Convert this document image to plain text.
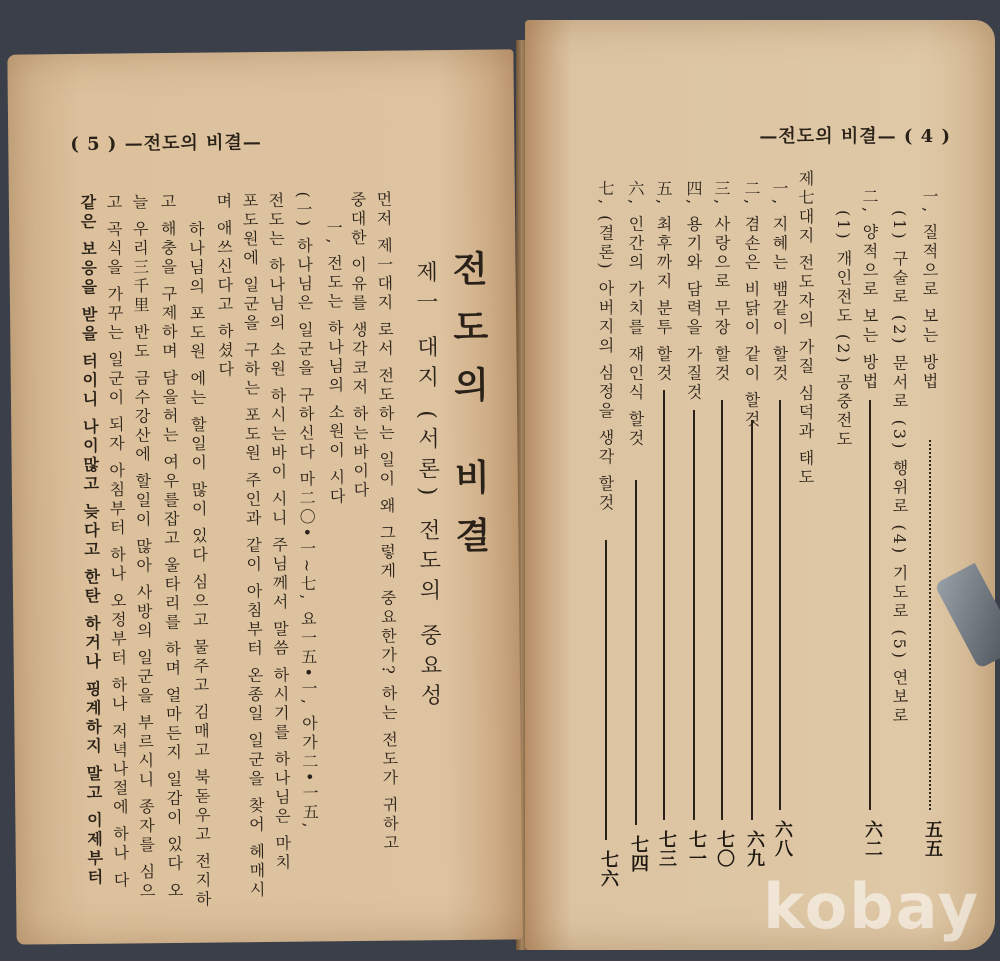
( 5 ) —전도의 비결—
전도의 비결
제一 대지 (서론) 전도의 중요성
먼저 제一대지 로서 전도하는 일이 왜 그렇게 중요한가? 하는 전도가 귀하고
중대한 이유를 생각코저 하는바이다
一, 전도는 하나님의 소원이 시다
(一) 하나님은 일군을 구하신다 마二〇•一~七, 요一五•一, 아가二•一五,
전도는 하나님의 소원 하시는바이 시니 주님께서 말씀 하시기를 하나님은 마치
포도원에 일군을 구하는 포도원 주인과 같이 아침부터 온종일 일군을 찾어 헤매시
며 애쓰신다고 하셨다
하나님의 포도원 에는 할일이 많이 있다 심으고 물주고 김매고 북돋우고 전지하
고 해충을 구제하며 담을허는 여우를잡고 울타리를 하며 얼마든지 일감이 있다 오
늘 우리三千里 반도 금수강산에 할일이 많아 사방의 일군을 부르시니 종자를 심으
고 곡식을 가꾸는 일군이 되자 아침부터 하나 오정부터 하나 저녁나절에 하나 다
같은 보응을 받을 터이니 나이많고 늦다고 한탄 하거나 핑계하지 말고 이제부터
—전도의 비결— ( 4 )
一, 질적으로 보는 방법
五五
(1) 구술로 (2) 문서로 (3) 행위로 (4) 기도로 (5) 연보로
二, 양적으로 보는 방법
六二
(1) 개인전도 (2) 공중전도
제七대지 전도자의 가질 심덕과 태도
一, 지혜는 뱀같이 할것
六八
二, 겸손은 비닭이 같이 할것
六九
三, 사랑으로 무장 할것
七〇
四, 용기와 담력을 가질것
七一
五, 최후까지 분투 할것
七三
六, 인간의 가치를 재인식 할것
七四
七, (결론) 아버지의 심정을 생각 할것
七六
kobay
